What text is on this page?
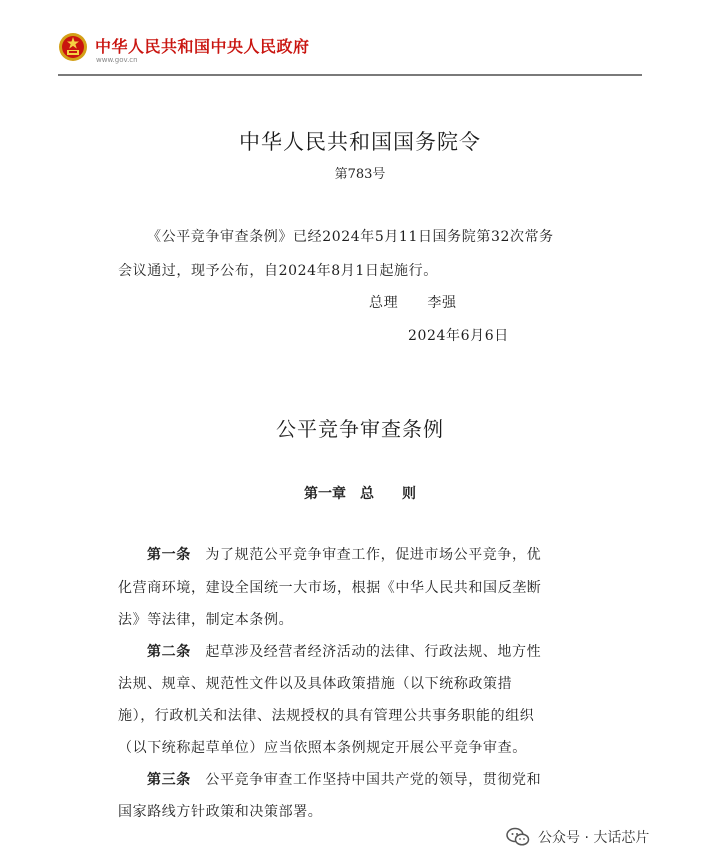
中华人民共和国中央人民政府
www.gov.cn
中华人民共和国国务院令
第783号
《公平竞争审查条例》已经2024年5月11日国务院第32次常务
会议通过，现予公布，自2024年8月1日起施行。
总理　　李强
2024年6月6日
公平竞争审查条例
第一章　总　　则
第一条　为了规范公平竞争审查工作，促进市场公平竞争，优
化营商环境，建设全国统一大市场，根据《中华人民共和国反垄断
法》等法律，制定本条例。
第二条　起草涉及经营者经济活动的法律、行政法规、地方性
法规、规章、规范性文件以及具体政策措施（以下统称政策措
施），行政机关和法律、法规授权的具有管理公共事务职能的组织
（以下统称起草单位）应当依照本条例规定开展公平竞争审查。
第三条　公平竞争审查工作坚持中国共产党的领导，贯彻党和
国家路线方针政策和决策部署。
公众号 · 大话芯片
